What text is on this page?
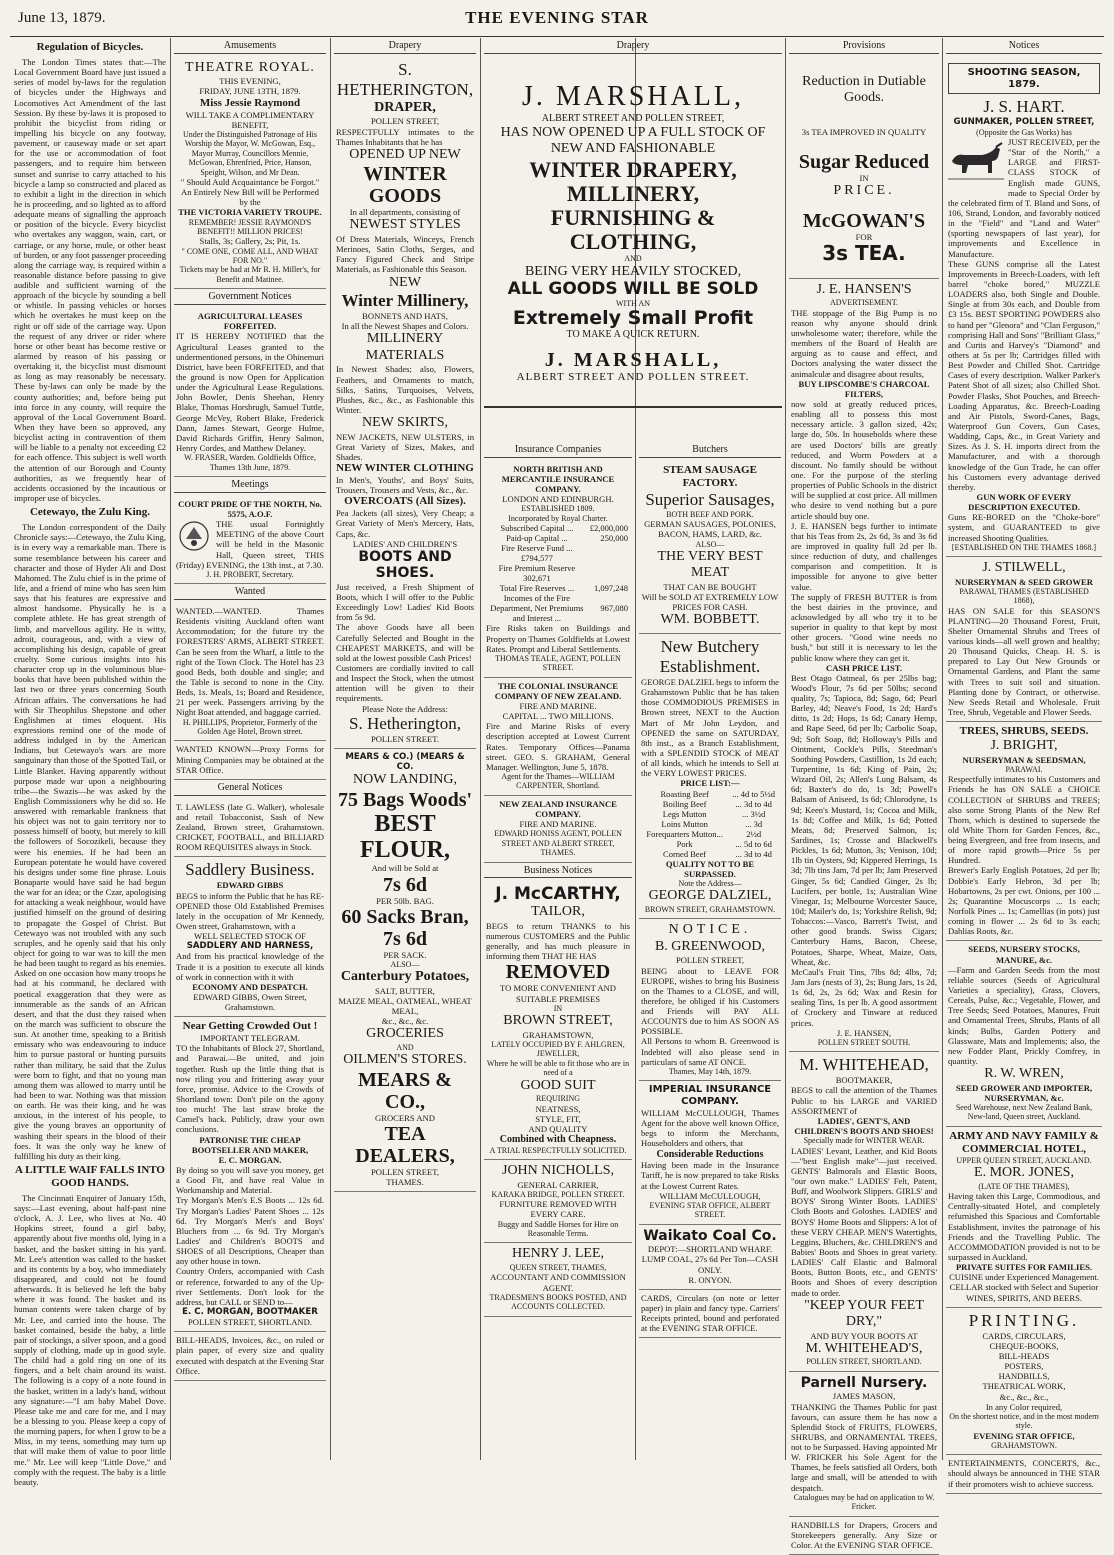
June 13, 1879.	THE EVENING STAR
Regulation of Bicycles.
The London Times states that:—The Local Government Board have just issued a series of model by-laws for the regulation of bicycles under the Highways and Locomotives Act Amendment of the last Session. By these by-laws it is proposed to prohibit the bicyclist from riding or impelling his bicycle on any footway, pavement, or causeway made or set apart for the use or accommodation of foot passengers, and to require him between sunset and sunrise to carry attached to his bicycle a lamp so constructed and placed as to exhibit a light in the direction in which he is proceeding, and so lighted as to afford adequate means of signalling the approach or position of the bicycle. Every bicyclist who overtakes any waggon, wain, cart, or carriage, or any horse, mule, or other beast of burden, or any foot passenger proceeding along the carriage way, is required within a reasonable distance before passing to give audible and sufficient warning of the approach of the bicycle by sounding a bell or whistle. In passing vehicles or horses which he overtakes he must keep on the right or off side of the carriage way. Upon the request of any driver or rider where horse or other beast has become restive or alarmed by reason of his passing or overtaking it, the bicyclist must dismount as long as may reasonably be necessary. These by-laws can only be made by the county authorities; and, before being put into force in any county, will require the approval of the Local Government Board. When they have been so approved, any bicyclist acting in contravention of them will be liable to a penalty not exceeding £2 for each offence. This subject is well worth the attention of our Borough and County authorities, as we frequently hear of accidents occasioned by the incautious or improper use of bicycles.
Cetewayo, the Zulu King.
The London correspondent of the Daily Chronicle says:—Cetewayo, the Zulu King, is in every way a remarkable man. There is some resemblance between his career and character and those of Hyder Ali and Dost Mahomed. The Zulu chief is in the prime of life, and a friend of mine who has seen him says that his features are expressive and almost handsome. Physically he is a complete athlete. He has great strength of limb, and marvellous agility. He is witty, adroit, courageous, and, with a view of accomplishing his design, capable of great cruelty. Some curious insights into his character crop up in the voluminous blue-books that have been published within the last two or three years concerning South African affairs. The conversations he had with Sir Theophilus Shepstone and other Englishmen at times eloquent. His expressions remind one of the mode of address indulged in by the American Indians, but Cetewayo's wars are more sanguinary than those of the Spotted Tail, or Little Blanket. Having apparently without purpose made war upon a neighbouring tribe—the Swazis—he was asked by the English Commissioners why he did so. He answered with remarkable frankness that his object was not to gain territory nor to possess himself of booty, but merely to kill the followers of Socozikeli, because they were his enemies. If he had been an European potentate he would have covered his designs under some fine phrase. Louis Bonaparte would have said he had begun the war for an idea; or the Czar, apologising for attacking a weak neighbour, would have justified himself on the ground of desiring to propagate the Gospel of Christ. But Cetewayo was not troubled with any such scruples, and he openly said that his only object for going to war was to kill the men he had been taught to regard as his enemies. Asked on one occasion how many troops he had at his command, he declared with poetical exaggeration that they were as innumerable as the sands of an African desert, and that the dust they raised when on the march was sufficient to obscure the sun. At another time, speaking to a British emissary who was endeavouring to induce him to pursue pastoral or hunting pursuits rather than military, he said that the Zulus were born to fight, and that no young man among them was allowed to marry until he had been to war. Nothing was that mission on earth. He was their king, and he was anxious, in the interest of his people, to give the young braves an opportunity of washing their spears in the blood of their foes. It was the only way he knew of fulfilling his duty as their king.
A LITTLE WAIF FALLS INTO GOOD HANDS.
The Cincinnati Enquirer of January 15th, says:—Last evening, about half-past nine o'clock, A. J. Lee, who lives at No. 40 Hopkins street, found a girl baby, apparently about five months old, lying in a basket, and the basket sitting in his yard. Mr. Lee's attention was called to the basket and its contents by a boy, who immediately disappeared, and could not be found afterwards. It is believed he left the baby where it was found. The basket and its human contents were taken charge of by Mr. Lee, and carried into the house. The basket contained, beside the baby, a little pair of stockings, a silver spoon, and a good supply of clothing, made up in good style. The child had a gold ring on one of its fingers, and a belt chain around its waist. The following is a copy of a note found in the basket, written in a lady's hand, without any signature:—"I am baby Mabel Dove. Please take me and care for me, and I may be a blessing to you. Please keep a copy of the morning papers, for when I grow to be a Miss, in my teens, something may turn up that will make them of value to poor little me." Mr. Lee will keep "Little Dove," and comply with the request. The baby is a little beauty.
Amusements
THEATRE ROYAL.
THIS EVENING,
FRIDAY, JUNE 13TH, 1879.
Miss Jessie Raymond
WILL TAKE A COMPLIMENTARY BENEFIT,
Under the Distinguished Patronage of His Worship the Mayor, W. McGowan, Esq., Mayor Murray, Councillors Mennie, McGowan, Ehrenfried, Price, Hanson, Speight, Wilson, and Mr Dean.
" Should Auld Acquaintance be Forgot."
An Entirely New Bill will be Performed by the
THE VICTORIA VARIETY TROUPE.
REMEMBER! JESSIE RAYMOND'S BENEFIT!! MILLION PRICES!
Stalls, 3s; Gallery, 2s; Pit, 1s.
" COME ONE, COME ALL, AND WHAT FOR NO."
Tickets may be had at Mr R. H. Miller's, for Benefit and Matinee.
Government Notices
AGRICULTURAL LEASES FORFEITED.
IT IS HEREBY NOTIFIED that the Agricultural Leases granted to the undermentioned persons, in the Ohinemuri District, have been FORFEITED, and that the ground is now Open for Application under the Agricultural Lease Regulations. John Bowler, Denis Sheehan, Henry Blake, Thomas Horsbrugh, Samuel Tuttle, George McVey, Robert Blake, Frederick Dann, James Stewart, George Hulme, David Richards Griffin, Henry Salmon, Henry Cordes, and Matthew Delaney.
W. FRASER, Warden. Goldfields Office, Thames 13th June, 1879.
Meetings
COURT PRIDE OF THE NORTH, No. 5575, A.O.F.
THE usual Fortnightly MEETING of the above Court will be held in the Masonic Hall, Queen street, THIS (Friday) EVENING, the 13th inst., at 7.30.
J. H. PROBERT, Secretary.
Wanted
WANTED.—WANTED. Thames Residents visiting Auckland often want Accommodation; for the future try the FORESTERS' ARMS, ALBERT STREET. Can be seen from the Wharf, a little to the right of the Town Clock. The Hotel has 23 good Beds, both double and single; and the Table is second to none in the City. Beds, 1s. Meals, 1s; Board and Residence, 21 per week. Passengers arriving by the Night Boat attended, and baggage carried.
H. PHILLIPS, Proprietor, Formerly of the Golden Age Hotel, Brown street.
WANTED KNOWN—Proxy Forms for Mining Companies may be obtained at the STAR Office.
General Notices
T. LAWLESS (late G. Walker), wholesale and retail Tobacconist, Sash of New Zealand, Brown street, Grahamstown. CRICKET, FOOTBALL, and BILLIARD ROOM REQUISITES always in Stock.
Saddlery Business.
EDWARD GIBBS
BEGS to inform the Public that he has RE-OPENED those Old Established Premises lately in the occupation of Mr Kennedy, Owen street, Grahamstown, with a
WELL SELECTED STOCK OF
SADDLERY AND HARNESS,
And from his practical knowledge of the Trade it is a position to execute all kinds of work in connection with it with
ECONOMY AND DESPATCH.
EDWARD GIBBS, Owen Street, Grahamstown.
Near Getting Crowded Out !
IMPORTANT TELEGRAM.
TO the Inhabitants of Block 27, Shortland, and Parawai.—Be united, and join together. Rush up the little thing that is now riling you and frittering away your force, promise. Advice to the Crowds of Shortland town: Don't pile on the agony too much! The last straw broke the Camel's back. Publicly, draw your own conclusions.
PATRONISE THE CHEAP BOOTSELLER AND MAKER,
E. C. MORGAN.
By doing so you will save you money, get a Good Fit, and have real Value in Workmanship and Material.
Try Morgan's Men's E.S Boots ... 12s 6d. Try Morgan's Ladies' Patent Shoes ... 12s 6d. Try Morgan's Men's and Boys' Bluchers from ... 6s 9d. Try Morgan's Ladies' and Children's BOOTS and SHOES of all Descriptions, Cheaper than any other house in town.
Country Orders, accompanied with Cash or reference, forwarded to any of the Up-river Settlements. Don't look for the address, but CALL or SEND to—
E. C. MORGAN, BOOTMAKER
POLLEN STREET, SHORTLAND.
BILL-HEADS, Invoices, &c., on ruled or plain paper, of every size and quality executed with despatch at the Evening Star Office.
Drapery
S. HETHERINGTON,
DRAPER,
POLLEN STREET,
RESPECTFULLY intimates to the Thames Inhabitants that he has
OPENED UP NEW
WINTER GOODS
In all departments, consisting of
NEWEST STYLES
Of Dress Materials, Winceys, French Merinoes, Satin Cloths, Serges, and Fancy Figured Check and Stripe Materials, as Fashionable this Season.
NEW
Winter Millinery,
BONNETS AND HATS,
In all the Newest Shapes and Colors.
MILLINERY MATERIALS
In Newest Shades; also, Flowers, Feathers, and Ornaments to match, Silks, Satins, Turquoises, Velvets, Plushes, &c., &c., as Fashionable this Winter.
NEW SKIRTS,
NEW JACKETS, NEW ULSTERS, in Great Variety of Sizes, Makes, and Shades.
NEW WINTER CLOTHING
In Men's, Youths', and Boys' Suits, Trousers, Trousers and Vests, &c., &c.
OVERCOATS (All Sizes).
Pea Jackets (all sizes), Very Cheap; a Great Variety of Men's Mercery, Hats, Caps, &c.
LADIES' AND CHILDREN'S
BOOTS AND SHOES.
Just received, a Fresh Shipment of Boots, which I will offer to the Public Exceedingly Low! Ladies' Kid Boots from 5s 9d.
The above Goods have all been Carefully Selected and Bought in the CHEAPEST MARKETS, and will be sold at the lowest possible Cash Prices!
Customers are cordially invited to call and Inspect the Stock, when the utmost attention will be given to their requirements.
Please Note the Address:
S. Hetherington,
POLLEN STREET.
MEARS & CO.) (MEARS & CO.
NOW LANDING,
75 Bags Woods'
BEST FLOUR,
And will be Sold at
7s 6d
PER 50lb. BAG.
60 Sacks Bran,
7s 6d
PER SACK.
ALSO—
Canterbury Potatoes,
SALT, BUTTER,
MAIZE MEAL, OATMEAL, WHEAT
MEAL,
&c., &c., &c.
GROCERIES
AND
OILMEN'S STORES.
MEARS & CO.,
GROCERS AND
TEA DEALERS,
POLLEN STREET,
THAMES.
Drapery
J. MARSHALL,
ALBERT STREET AND POLLEN STREET,
HAS NOW OPENED UP A FULL STOCK OF NEW AND FASHIONABLE
WINTER DRAPERY, MILLINERY,
FURNISHING & CLOTHING,
AND
BEING VERY HEAVILY STOCKED,
ALL GOODS WILL BE SOLD
WITH AN
Extremely Small Profit
TO MAKE A QUICK RETURN.
J. MARSHALL,
ALBERT STREET AND POLLEN STREET.
Insurance Companies
NORTH BRITISH AND MERCANTILE INSURANCE COMPANY.
LONDON AND EDINBURGH.
ESTABLISHED 1809.
Incorporated by Royal Charter.
Subscribed Capital ...	£2,000,000
Paid-up Capital ...	250,000
Fire Reserve Fund ... £794,577	
Fire Premium Reserve 302,671	
Total Fire Reserves ...	1,097,248
Incomes of the Fire Department, Net Premiums and Interest ...	967,080
Fire Risks taken on Buildings and Property on Thames Goldfields at Lowest Rates. Prompt and Liberal Settlements.
THOMAS TEALE, AGENT, POLLEN STREET.
THE COLONIAL INSURANCE COMPANY OF NEW ZEALAND.
FIRE AND MARINE.
CAPITAL ... TWO MILLIONS.
Fire and Marine Risks of every description accepted at Lowest Current Rates. Temporary Offices—Panama street. GEO. S. GRAHAM, General Manager. Wellington, June 5, 1878.
Agent for the Thames—WILLIAM CARPENTER, Shortland.
NEW ZEALAND INSURANCE COMPANY.
FIRE AND MARINE.
EDWARD HONISS AGENT, POLLEN STREET AND ALBERT STREET, THAMES.
Business Notices
J. McCARTHY,
TAILOR,
BEGS to return THANKS to his numerous CUSTOMERS and the Public generally, and has much pleasure in informing them THAT HE HAS
REMOVED
TO MORE CONVENIENT AND SUITABLE PREMISES
IN
BROWN STREET,
GRAHAMSTOWN,
LATELY OCCUPIED BY F. AHLGREN, JEWELLER,
Where he will be able to fit those who are in need of a
GOOD SUIT
REQUIRING
NEATNESS,
STYLE, FIT,
AND QUALITY
Combined with Cheapness.
A TRIAL RESPECTFULLY SOLICITED.
JOHN NICHOLLS,
GENERAL CARRIER,
KARAKA BRIDGE, POLLEN STREET.
FURNITURE REMOVED WITH EVERY CARE.
Buggy and Saddle Horses for Hire on Reasonable Terms.
HENRY J. LEE,
QUEEN STREET, THAMES,
ACCOUNTANT AND COMMISSION AGENT.
TRADESMEN'S BOOKS POSTED, AND ACCOUNTS COLLECTED.
Butchers
STEAM SAUSAGE FACTORY.
Superior Sausages,
BOTH BEEF AND PORK.
GERMAN SAUSAGES, POLONIES,
BACON, HAMS, LARD, &c.
ALSO—
THE VERY BEST MEAT
THAT CAN BE BOUGHT
Will be SOLD AT EXTREMELY LOW
PRICES FOR CASH.
WM. BOBBETT.
New Butchery Establishment.
GEORGE DALZIEL begs to inform the Grahamstown Public that he has taken those COMMODIOUS PREMISES in Brown street, NEXT to the Auction Mart of Mr John Leydon, and OPENED the same on SATURDAY, 8th inst., as a Branch Establishment, with a SPLENDID STOCK of MEAT of all kinds, which he intends to Sell at the VERY LOWEST PRICES.
PRICE LIST:—
Roasting Beef	... 4d to 5½d
Boiling Beef	... 3d to 4d
Legs Mutton	... 3½d
Loins Mutton	... 3d
Forequarters Mutton...	2½d
Pork	... 5d to 6d
Corned Beef	... 3d to 4d
QUALITY NOT TO BE SURPASSED.
Note the Address—
GEORGE DALZIEL,
BROWN STREET, GRAHAMSTOWN.
NOTICE.
B. GREENWOOD,
POLLEN STREET,
BEING about to LEAVE FOR EUROPE, wishes to bring his Business on the Thames to a CLOSE, and will, therefore, be obliged if his Customers and Friends will PAY ALL ACCOUNTS due to him AS SOON AS POSSIBLE.
All Persons to whom B. Greenwood is Indebted will also please send in particulars of same AT ONCE.
Thames, May 14th, 1879.
IMPERIAL INSURANCE COMPANY.
WILLIAM McCULLOUGH, Thames Agent for the above well known Office, begs to inform the Merchants, Householders and others, that
Considerable Reductions
Having been made in the Insurance Tariff, he is now prepared to take Risks at the Lowest Current Rates.
WILLIAM McCULLOUGH,
EVENING STAR OFFICE, ALBERT STREET.
Waikato Coal Co.
DEPOT:—SHORTLAND WHARF.
LUMP COAL, 27s 6d Per Ton—CASH ONLY.
R. ONYON.
CARDS, Circulars (on note or letter paper) in plain and fancy type. Carriers' Receipts printed, bound and perforated at the EVENING STAR OFFICE.
Provisions
Reduction in Dutiable Goods.
3s TEA IMPROVED IN QUALITY
Sugar Reduced
IN
PRICE.
McGOWAN'S
FOR
3s TEA.
J. E. HANSEN'S
ADVERTISEMENT.
THE stoppage of the Big Pump is no reason why anyone should drink unwholesome water; therefore, while the members of the Board of Health are arguing as to cause and effect, and Doctors analysing the water dissect the animalculæ and disagree about results,
BUY LIPSCOMBE'S CHARCOAL FILTERS,
now sold at greatly reduced prices, enabling all to possess this most necessary article. 3 gallon sized, 42s; large do, 50s. In households where these are used Doctors' bills are greatly reduced, and Worm Powders at a discount. No family should be without one. For the purpose of the sterling properties of Public Schools in the district will be supplied at cost price. All millmen who desire to vend nothing but a pure article should buy one.
J. E. HANSEN begs further to intimate that his Teas from 2s, 2s 6d, 3s and 3s 6d are improved in quality full 2d per lb. since reduction of duty, and challenges comparison and competition. It is impossible for anyone to give better value.
The supply of FRESH BUTTER is from the best dairies in the province, and acknowledged by all who try it to be superior in quality to that kept by most other grocers. "Good wine needs no bush," but still it is necessary to let the public know where they can get it.
CASH PRICE LIST.
Best Otago Oatmeal, 6s per 25lbs bag; Wood's Flour, 7s 6d per 50lbs; second quality, 7s; Tapioca, 8d; Sago, 6d; Pearl Barley, 4d; Neave's Food, 1s 2d; Hard's ditto, 1s 2d; Hops, 1s 6d; Canary Hemp, and Rape Seed, 6d per lb; Carbolic Soap, 9d; Soft Soap, 8d; Holloway's Pills and Ointment, Cockle's Pills, Steedman's Soothing Powders, Castillion, 1s 2d each; Turpentine, 1s 6d; King of Pain, 2s; Wizard Oil, 2s; Allen's Lung Balsam, 4s 6d; Baxter's do do, 1s 3d; Powell's Balsam of Aniseed, 1s 6d; Chlorodyne, 1s 9d; Keen's Mustard, 1s; Cocoa and Milk, 1s 8d; Coffee and Milk, 1s 6d; Potted Meats, 8d; Preserved Salmon, 1s; Sardines, 1s; Crosse and Blackwell's Pickles, 1s 6d; Mutton, 3s; Venison, 10d; 1lb tin Oysters, 9d; Kippered Herrings, 1s 3d; 7lb tins Jam, 7d per lb; Jam Preserved Ginger, 5s 6d; Candied Ginger, 2s lb; Lucifers, per bottle, 1s; Australian Wine Vinegar, 1s; Melbourne Worcester Sauce, 10d; Mailer's do, 1s; Yorkshire Relish, 9d; Tobaccos:—Vasco, Barrett's Twist, and other good brands. Swiss Cigars; Canterbury Hams, Bacon, Cheese, Potatoes, Sharpe, Wheat, Maize, Oats, Wheat, &c.
McCaul's Fruit Tins, 7lbs 8d; 4lbs, 7d; Jam Jars (nests of 3), 2s; Bung Jars, 1s 2d, 1s 6d, 2s, 2s 6d; Wax and Resin for sealing Tins, 1s per lb. A good assortment of Crockery and Tinware at reduced prices.
J. E. HANSEN,
POLLEN STREET SOUTH.
M. WHITEHEAD,
BOOTMAKER,
BEGS to call the attention of the Thames Public to his LARGE and VARIED ASSORTMENT of
LADIES', GENT'S, AND CHILDREN'S BOOTS AND SHOES!
Specially made for WINTER WEAR.
LADIES' Levant, Leather, and Kid Boots—"best English make"—just received. GENTS' Balmorals and Elastic Boots, "our own make." LADIES' Felt, Patent, Buff, and Woolwork Slippers. GIRLS' and BOYS' Strong Winter Boots. LADIES' Cloth Boots and Goloshes. LADIES' and BOYS' Home Boots and Slippers: A lot of these VERY CHEAP. MEN'S Watertights, Leggins, Bluchers, &c. CHILDREN'S and Babies' Boots and Shoes in great variety. LADIES' Calf Elastic and Balmoral Boots, Button Boots, etc., and GENTS' Boots and Shoes of every description made to order.
"KEEP YOUR FEET DRY,"
AND BUY YOUR BOOTS AT
M. WHITEHEAD'S,
POLLEN STREET, SHORTLAND.
Parnell Nursery.
JAMES MASON,
THANKING the Thames Public for past favours, can assure them he has now a Splendid Stock of FRUITS, FLOWERS, SHRUBS, and ORNAMENTAL TREES, not to be Surpassed. Having appointed Mr W. FRICKER his Sole Agent for the Thames, he feels satisfied all Orders, both large and small, will be attended to with despatch.
Catalogues may be had on application to W. Fricker.
HANDBILLS for Drapers, Grocers and Storekeepers generally. Any Size or Color. At the EVENING STAR OFFICE.
Notices
SHOOTING SEASON, 1879.
J. S. HART.
GUNMAKER, POLLEN STREET,
(Opposite the Gas Works) has
JUST RECEIVED, per the "Star of the North," a LARGE and FIRST-CLASS STOCK of English made GUNS, made to Special Order by the celebrated firm of T. Bland and Sons, of 106, Strand, London, and favorably noticed in the "Field" and "Land and Water" (sporting newspapers of last year), for improvements and Excellence in Manufacture.
These GUNS comprise all the Latest Improvements in Breech-Loaders, with left barrel "choke bored," MUZZLE LOADERS also, both Single and Double. Single at from 30s each, and Double from £3 15s. BEST SPORTING POWDERS also to hand per "Glenora" and "Clan Ferguson," comprising Hall and Sons' "Brilliant Glass," and Curtis and Harvey's "Diamond" and others at 5s per lb; Cartridges filled with Best Powder and Chilled Shot. Cartridge Cases of every description. Walker Parker's Patent Shot of all sizes; also Chilled Shot. Powder Flasks, Shot Pouches, and Breech-Loading Apparatus, &c. Breech-Loading and Air Pistols, Sword-Canes, Bags, Waterproof Gun Covers, Gun Cases, Wadding, Caps, &c., in Great Variety and Sizes. As J. S. H. imports direct from the Manufacturer, and with a thorough knowledge of the Gun Trade, he can offer his Customers every advantage derived thereby.
GUN WORK OF EVERY DESCRIPTION EXECUTED.
Guns RE-BORED on the "Choke-bore" system, and GUARANTEED to give increased Shooting Qualities.
[ESTABLISHED ON THE THAMES 1868.]
J. STILWELL,
NURSERYMAN & SEED GROWER
PARAWAI, THAMES (ESTABLISHED 1868),
HAS ON SALE for this SEASON'S PLANTING—20 Thousand Forest, Fruit, Shelter Ornamental Shrubs and Trees of various kinds—all well grown and healthy; 20 Thousand Quicks, Cheap. H. S. is prepared to Lay Out New Grounds or Ornamental Gardens, and Plant the same with Trees to suit soil and situation. Planting done by Contract, or otherwise. New Seeds Retail and Wholesale. Fruit Tree, Shrub, Vegetable and Flower Seeds.
TREES, SHRUBS, SEEDS.
J. BRIGHT,
NURSERYMAN & SEEDSMAN,
PARAWAI.
Respectfully intimates to his Customers and Friends he has ON SALE a CHOICE COLLECTION of SHRUBS and TREES; also some Strong Plants of the New Ref Thorn, which is destined to supersede the old White Thorn for Garden Fences, &c., being Evergreen, and free from insects, and of more rapid growth—Price 5s per Hundred.
Brewer's Early English Potatoes, 2d per lb; Dobbie's Early Hebron, 3d per lb; Hobartowns, 2s per cwt. Onions, per 100 ... 2s; Quarantine Mocuscorps ... 1s each; Norfolk Pines ... 1s; Camellias (in pots) just coming in flower ... 2s 6d to 3s each; Dahlias Roots, &c.
SEEDS, NURSERY STOCKS, MANURE, &c.
—Farm and Garden Seeds from the most reliable sources (Seeds of Agricultural Varieties a speciality), Grass, Clovers, Cereals, Pulse, &c.; Vegetable, Flower, and Tree Seeds; Seed Potatoes, Manures, Fruit and Ornamental Trees, Shrubs, Plants of all kinds; Bulbs, Garden Pottery and Glassware, Mats and Implements; also, the new Fodder Plant, Prickly Comfrey, in quantity.
R. W. WREN,
SEED GROWER AND IMPORTER, NURSERYMAN, &c.
Seed Warehouse, next New Zealand Bank, New-land, Queen street, Auckland.
ARMY AND NAVY FAMILY & COMMERCIAL HOTEL,
UPPER QUEEN STREET, AUCKLAND.
E. MOR. JONES,
(LATE OF THE THAMES),
Having taken this Large, Commodious, and Centrally-situated Hotel, and completely refurnished this Spacious and Comfortable Establishment, invites the patronage of his Friends and the Travelling Public. The ACCOMMODATION provided is not to be surpassed in Auckland.
PRIVATE SUITES FOR FAMILIES.
CUISINE under Experienced Management.
CELLAR stocked with Select and Superior WINES, SPIRITS, AND BEERS.
PRINTING.
CARDS, CIRCULARS,
CHEQUE-BOOKS,
BILL-HEADS
POSTERS,
HANDBILLS,
THEATRICAL WORK,
&c., &c., &c.,
In any Color required,
On the shortest notice, and in the most modern style.
EVENING STAR OFFICE,
GRAHAMSTOWN.
ENTERTAINMENTS, CONCERTS, &c., should always be announced in THE STAR if their promoters wish to achieve success.
